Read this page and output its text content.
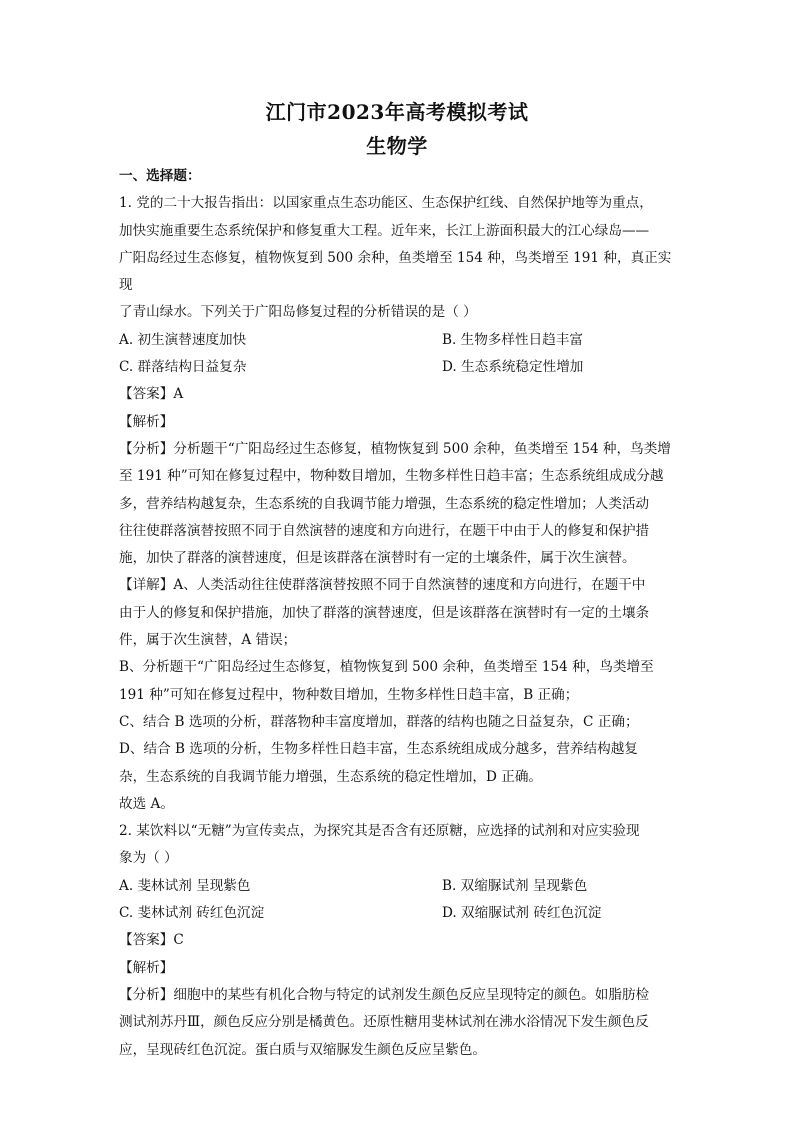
江门市2023年高考模拟考试
生物学

一、选择题：

1. 党的二十大报告指出：以国家重点生态功能区、生态保护红线、自然保护地等为重点，

加快实施重要生态系统保护和修复重大工程。近年来，长江上游面积最大的江心绿岛——

广阳岛经过生态修复，植物恢复到 500 余种，鱼类增至 154 种，鸟类增至 191 种，真正实现

了青山绿水。下列关于广阳岛修复过程的分析错误的是（ ）

A. 初生演替速度加快	B. 生物多样性日趋丰富
C. 群落结构日益复杂	D. 生态系统稳定性增加

【答案】A

【解析】

【分析】分析题干“广阳岛经过生态修复，植物恢复到 500 余种，鱼类增至 154 种，鸟类增

至 191 种”可知在修复过程中，物种数目增加，生物多样性日趋丰富；生态系统组成成分越

多，营养结构越复杂，生态系统的自我调节能力增强，生态系统的稳定性增加；人类活动

往往使群落演替按照不同于自然演替的速度和方向进行，在题干中由于人的修复和保护措

施，加快了群落的演替速度，但是该群落在演替时有一定的土壤条件，属于次生演替。

【详解】A、人类活动往往使群落演替按照不同于自然演替的速度和方向进行，在题干中

由于人的修复和保护措施，加快了群落的演替速度，但是该群落在演替时有一定的土壤条

件，属于次生演替，A 错误；

B、分析题干“广阳岛经过生态修复，植物恢复到 500 余种，鱼类增至 154 种，鸟类增至

191 种”可知在修复过程中，物种数目增加，生物多样性日趋丰富，B 正确；

C、结合 B 选项的分析，群落物种丰富度增加，群落的结构也随之日益复杂，C 正确；

D、结合 B 选项的分析，生物多样性日趋丰富，生态系统组成成分越多，营养结构越复

杂，生态系统的自我调节能力增强，生态系统的稳定性增加，D 正确。

故选 A。

2. 某饮料以“无糖”为宣传卖点，为探究其是否含有还原糖，应选择的试剂和对应实验现

象为（ ）

A. 斐林试剂 呈现紫色	B. 双缩脲试剂 呈现紫色
C. 斐林试剂 砖红色沉淀	D. 双缩脲试剂 砖红色沉淀

【答案】C

【解析】

【分析】细胞中的某些有机化合物与特定的试剂发生颜色反应呈现特定的颜色。如脂肪检

测试剂苏丹Ⅲ，颜色反应分别是橘黄色。还原性糖用斐林试剂在沸水浴情况下发生颜色反

应，呈现砖红色沉淀。蛋白质与双缩脲发生颜色反应呈紫色。
